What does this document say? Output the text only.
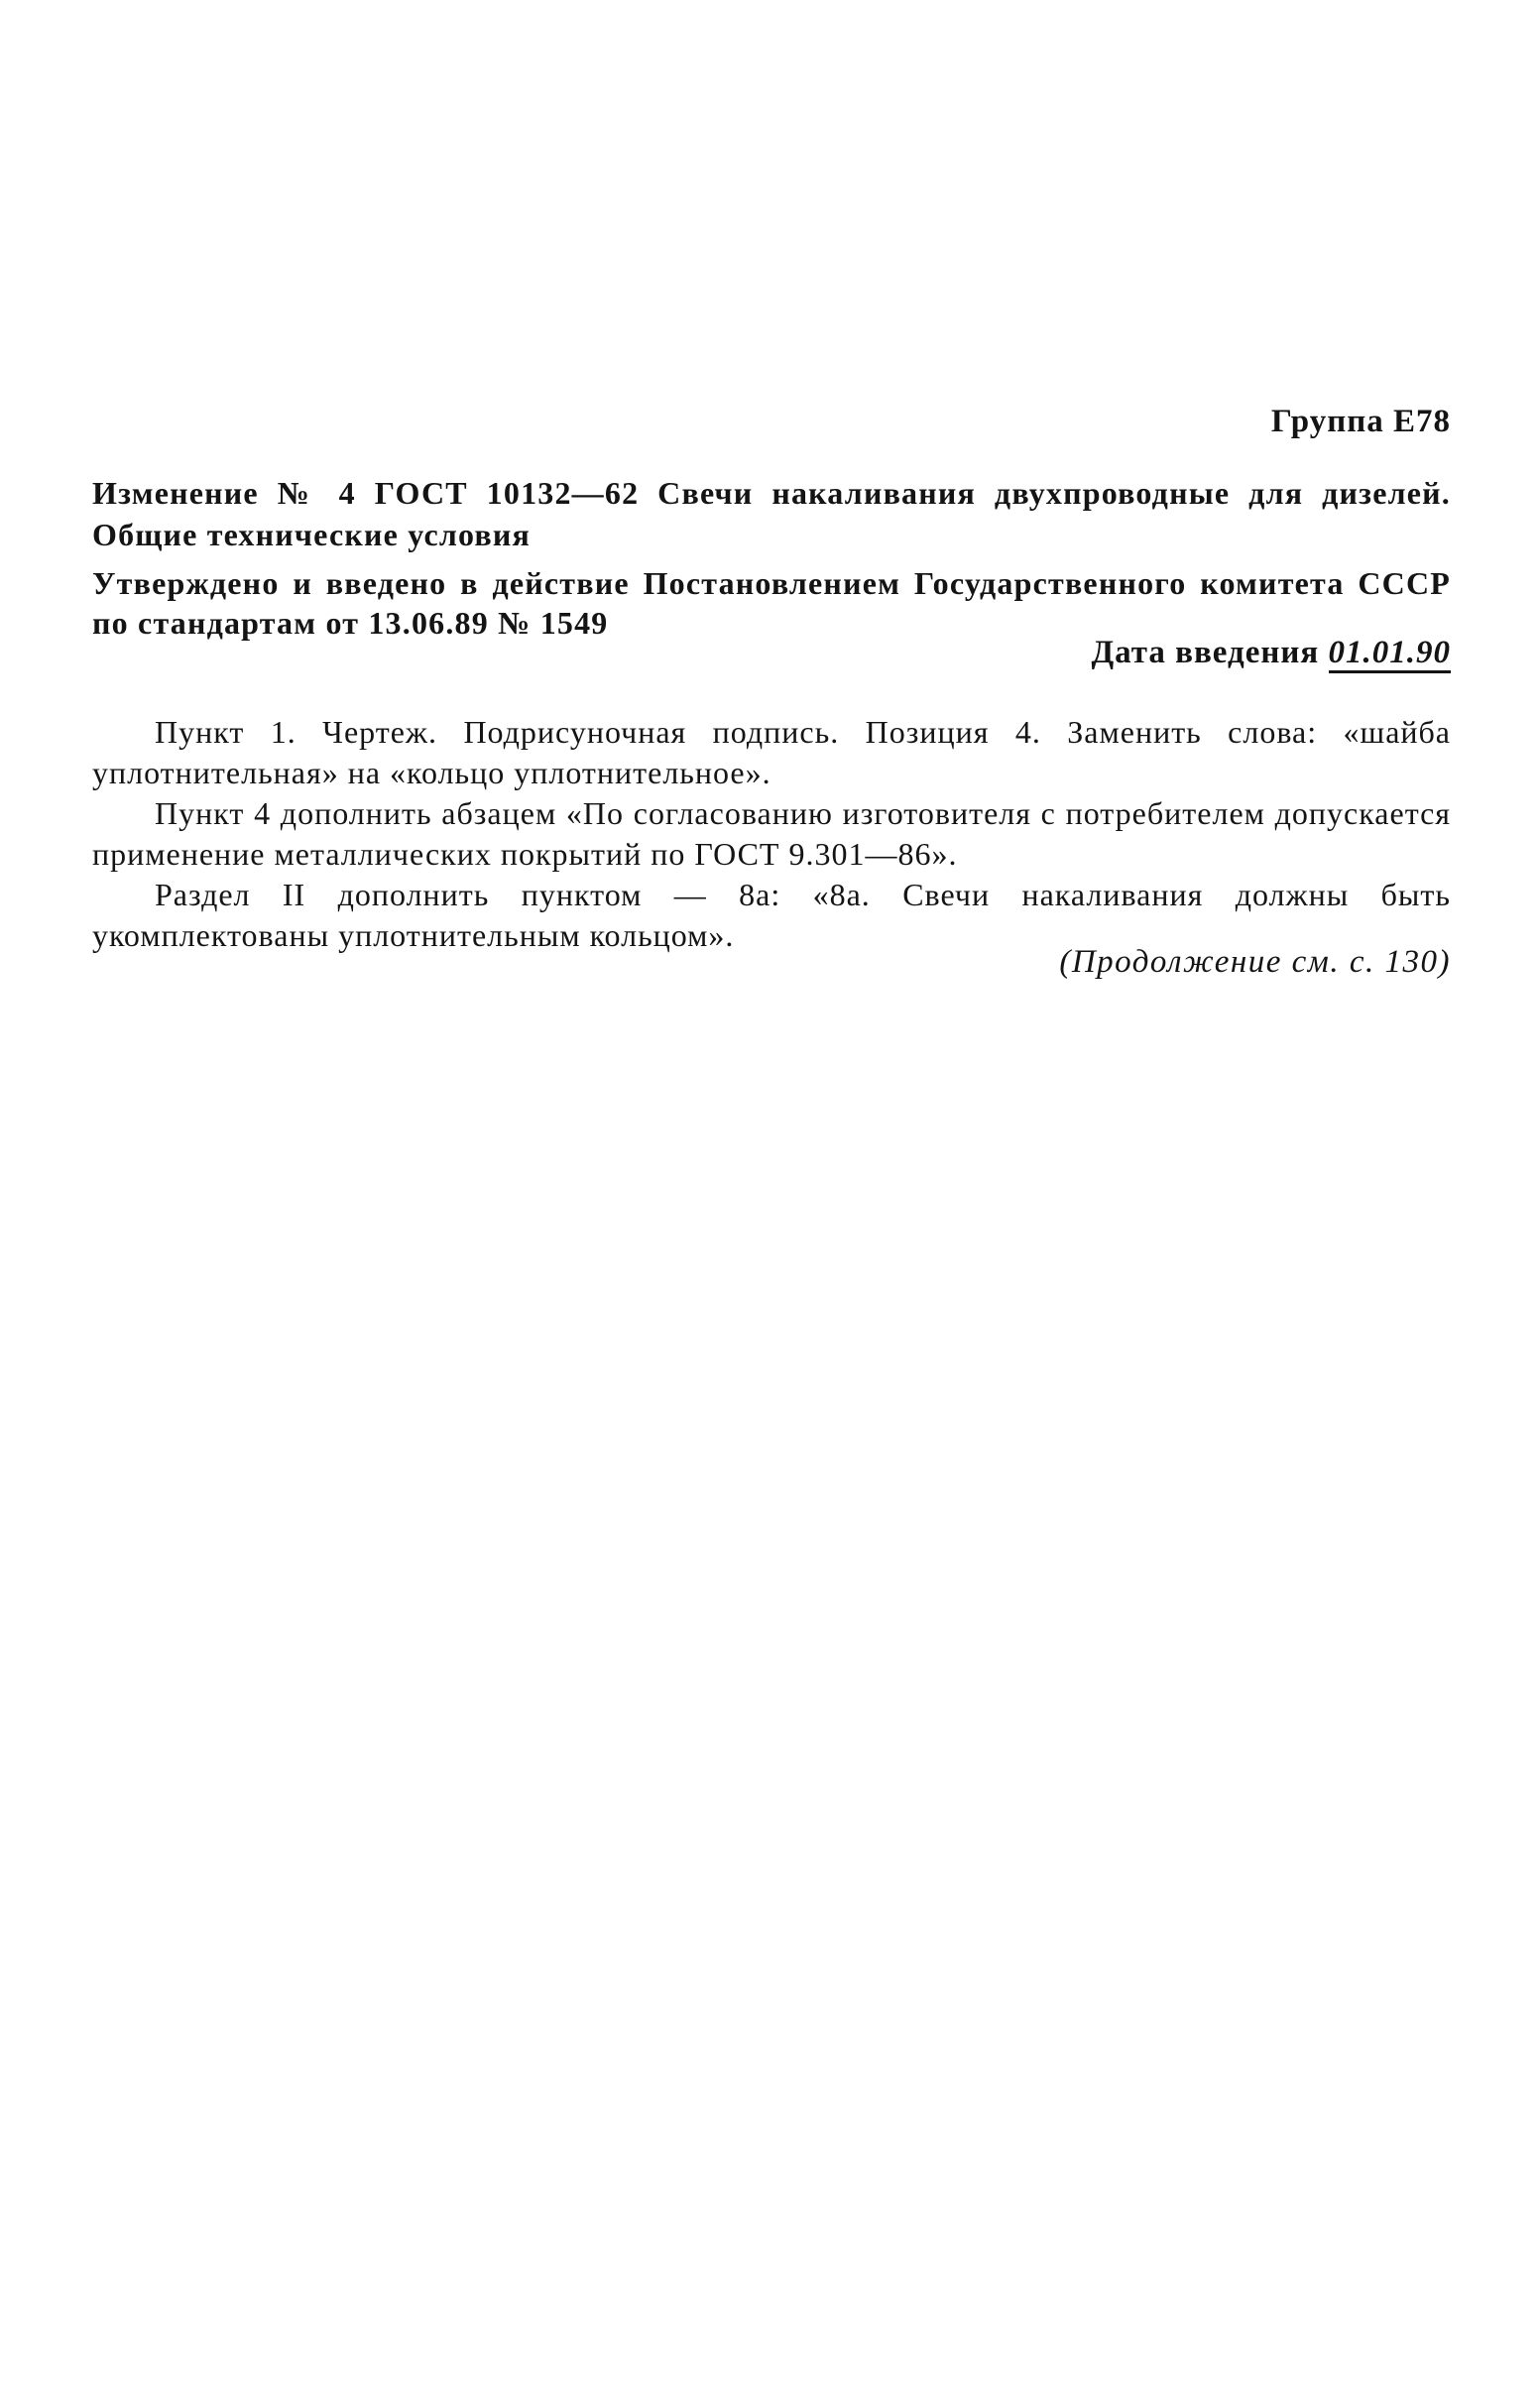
Группа Е78
Изменение № 4 ГОСТ 10132—62 Свечи накаливания двухпроводные для дизелей. Общие технические условия
Утверждено и введено в действие Постановлением Государственного комитета СССР по стандартам от 13.06.89 № 1549
Дата введения 01.01.90

Пункт 1. Чертеж. Подрисуночная подпись. Позиция 4. Заменить слова: «шайба уплотнительная» на «кольцо уплотнительное».

Пункт 4 дополнить абзацем «По согласованию изготовителя с потребителем допускается применение металлических покрытий по ГОСТ 9.301—86».

Раздел II дополнить пунктом — 8а: «8а. Свечи накаливания должны быть укомплектованы уплотнительным кольцом».

(Продолжение см. с. 130)
